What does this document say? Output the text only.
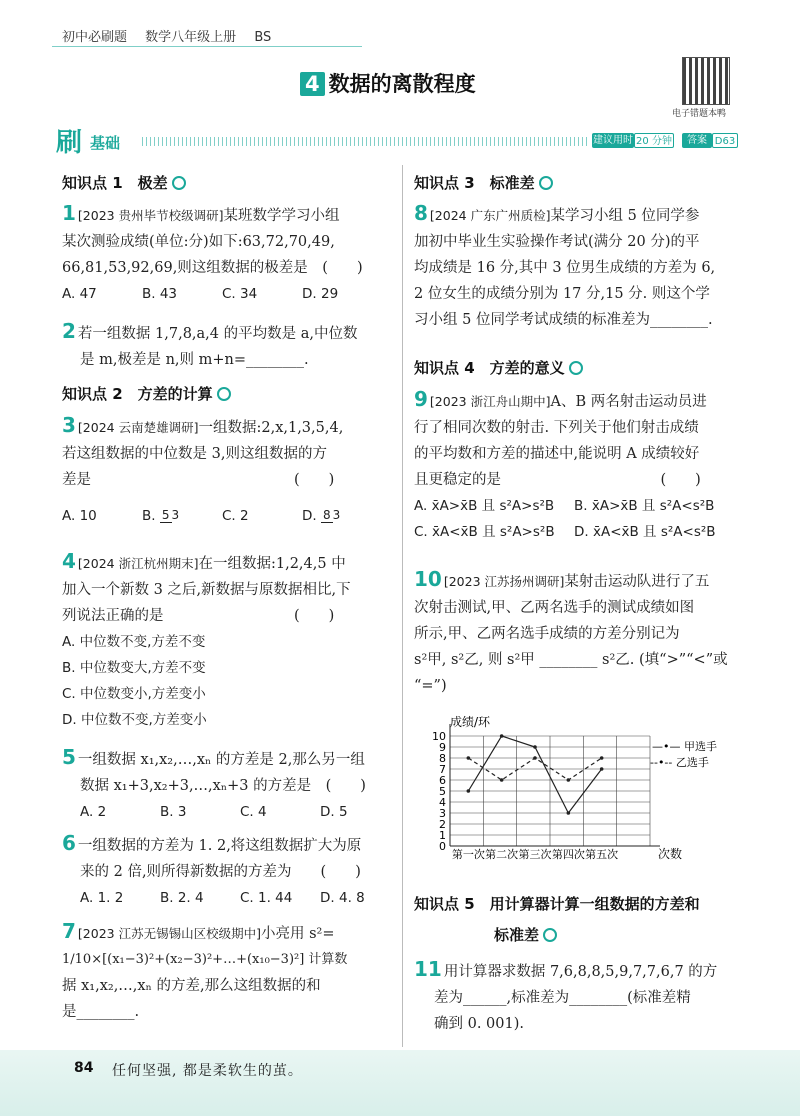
初中必刷题 数学八年级上册 BS
4 数据的离散程度
电子错题本鸭
刷 基础	建议用时 20 分钟	答案 D63
知识点 1　极差
1 [2023 贵州毕节校级调研]某班数学学习小组
某次测验成绩(单位:分)如下:63,72,70,49,
66,81,53,92,69,则这组数据的极差是　(　　)
A. 47	B. 43	C. 34	D. 29
2 若一组数据 1,7,8,a,4 的平均数是 a,中位数
是 m,极差是 n,则 m+n=________.
知识点 2　方差的计算
3 [2024 云南楚雄调研]一组数据:2,x,1,3,5,4,
若这组数据的中位数是 3,则这组数据的方
差是　　　　　　　　　　　　　　(　　)
A. 10	B. 5 3	C. 2	D. 8 3
4 [2024 浙江杭州期末]在一组数据:1,2,4,5 中
加入一个新数 3 之后,新数据与原数据相比,下
列说法正确的是　　　　　　　　　(　　)
A. 中位数不变,方差不变
B. 中位数变大,方差不变
C. 中位数变小,方差变小
D. 中位数不变,方差变小
5 一组数据 x₁,x₂,…,xₙ 的方差是 2,那么另一组
数据 x₁+3,x₂+3,…,xₙ+3 的方差是　(　　)
A. 2	B. 3	C. 4	D. 5
6 一组数据的方差为 1. 2,将这组数据扩大为原
来的 2 倍,则所得新数据的方差为　　(　　)
A. 1. 2	B. 2. 4	C. 1. 44 D. 4. 8
7 [2023 江苏无锡锡山区校级期中]小亮用 s²=
1/10×[(x₁−3)²+(x₂−3)²+…+(x₁₀−3)²] 计算数
据 x₁,x₂,…,xₙ 的方差,那么这组数据的和
是________.
知识点 3　标准差
8 [2024 广东广州质检]某学习小组 5 位同学参
加初中毕业生实验操作考试(满分 20 分)的平
均成绩是 16 分,其中 3 位男生成绩的方差为 6,
2 位女生的成绩分别为 17 分,15 分. 则这个学
习小组 5 位同学考试成绩的标准差为________.
知识点 4　方差的意义
9 [2023 浙江舟山期中]A、B 两名射击运动员进
行了相同次数的射击. 下列关于他们射击成绩
的平均数和方差的描述中,能说明 A 成绩较好
且更稳定的是　　　　　　　　　　　(　　)
A. x̄A>x̄B 且 s²A>s²B B. x̄A>x̄B 且 s²A<s²B
C. x̄A<x̄B 且 s²A>s²B D. x̄A<x̄B 且 s²A<s²B
10 [2023 江苏扬州调研]某射击运动队进行了五
次射击测试,甲、乙两名选手的测试成绩如图
所示,甲、乙两名选手成绩的方差分别记为
s²甲, s²乙, 则 s²甲 ________ s²乙. (填“>”“<”或
“=”)
0
1
2
3
4
5
6
7
8
9
10
第一次 第二次 第三次 第四次 第五次
成绩/环
次数
—•— 甲选手
--•-- 乙选手
知识点 5　用计算器计算一组数据的方差和
标准差
11 用计算器求数据 7,6,8,8,5,9,7,7,6,7 的方
差为______,标准差为________(标准差精
确到 0. 001).
84 任何坚强, 都是柔软生的茧。
